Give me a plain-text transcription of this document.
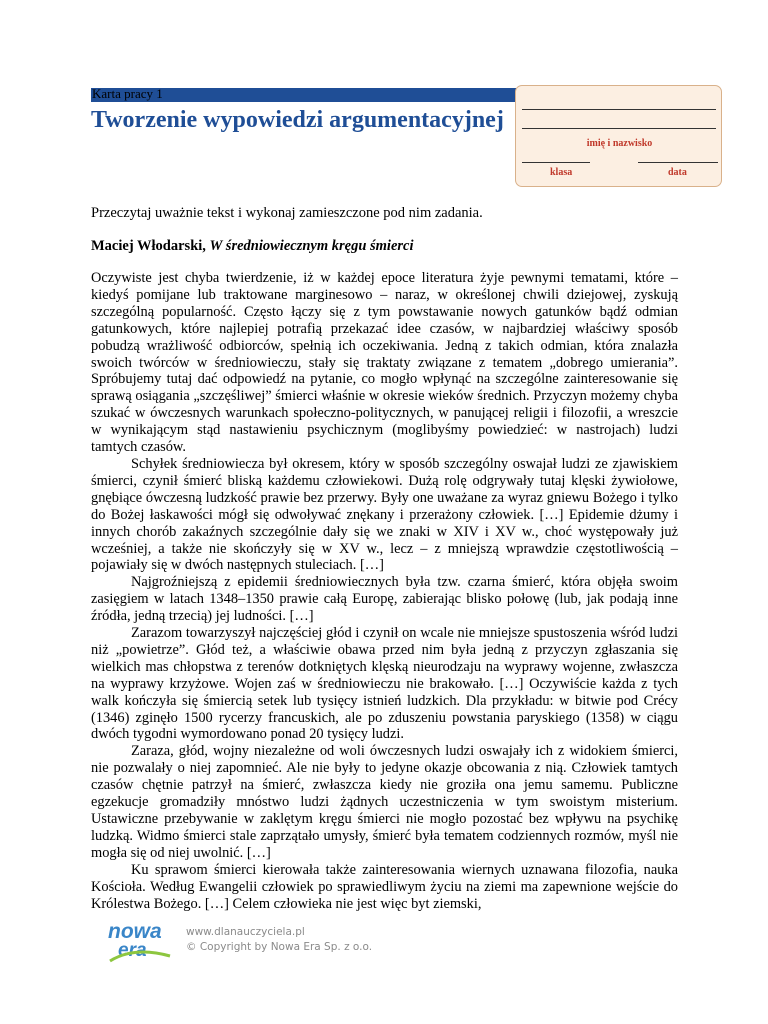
Karta pracy 1
Tworzenie wypowiedzi argumentacyjnej
imię i nazwisko
klasa	data
Przeczytaj uważnie tekst i wykonaj zamieszczone pod nim zadania.
Maciej Włodarski, W średniowiecznym kręgu śmierci

Oczywiste jest chyba twierdzenie, iż w każdej epoce literatura żyje pewnymi tematami, które – kiedyś pomijane lub traktowane marginesowo – naraz, w określonej chwili dziejowej, zyskują szczególną popularność. Często łączy się z tym powstawanie nowych gatunków bądź odmian gatunkowych, które najlepiej potrafią przekazać idee czasów, w najbardziej właściwy sposób pobudzą wrażliwość odbiorców, spełnią ich oczekiwania. Jedną z takich odmian, która znalazła swoich twórców w średniowieczu, stały się traktaty związane z tematem „dobrego umierania”. Spróbujemy tutaj dać odpowiedź na pytanie, co mogło wpłynąć na szczególne zainteresowanie się sprawą osiągania „szczęśliwej” śmierci właśnie w okresie wieków średnich. Przyczyn możemy chyba szukać w ówczesnych warunkach społeczno-politycznych, w panującej religii i filozofii, a wreszcie w wynikającym stąd nastawieniu psychicznym (moglibyśmy powiedzieć: w nastrojach) ludzi tamtych czasów.

Schyłek średniowiecza był okresem, który w sposób szczególny oswajał ludzi ze zjawiskiem śmierci, czynił śmierć bliską każdemu człowiekowi. Dużą rolę odgrywały tutaj klęski żywiołowe, gnębiące ówczesną ludzkość prawie bez przerwy. Były one uważane za wyraz gniewu Bożego i tylko do Bożej łaskawości mógł się odwoływać znękany i przerażony człowiek. […] Epidemie dżumy i innych chorób zakaźnych szczególnie dały się we znaki w XIV i XV w., choć występowały już wcześniej, a także nie skończyły się w XV w., lecz – z mniejszą wprawdzie częstotliwością – pojawiały się w dwóch następnych stuleciach. […]

Najgroźniejszą z epidemii średniowiecznych była tzw. czarna śmierć, która objęła swoim zasięgiem w latach 1348–1350 prawie całą Europę, zabierając blisko połowę (lub, jak podają inne źródła, jedną trzecią) jej ludności. […]

Zarazom towarzyszył najczęściej głód i czynił on wcale nie mniejsze spustoszenia wśród ludzi niż „powietrze”. Głód też, a właściwie obawa przed nim była jedną z przyczyn zgłaszania się wielkich mas chłopstwa z terenów dotkniętych klęską nieurodzaju na wyprawy wojenne, zwłaszcza na wyprawy krzyżowe. Wojen zaś w średniowieczu nie brakowało. […] Oczywiście każda z tych walk kończyła się śmiercią setek lub tysięcy istnień ludzkich. Dla przykładu: w bitwie pod Crécy (1346) zginęło 1500 rycerzy francuskich, ale po zduszeniu powstania paryskiego (1358) w ciągu dwóch tygodni wymordowano ponad 20 tysięcy ludzi.

Zaraza, głód, wojny niezależne od woli ówczesnych ludzi oswajały ich z widokiem śmierci, nie pozwalały o niej zapomnieć. Ale nie były to jedyne okazje obcowania z nią. Człowiek tamtych czasów chętnie patrzył na śmierć, zwłaszcza kiedy nie groziła ona jemu samemu. Publiczne egzekucje gromadziły mnóstwo ludzi żądnych uczestniczenia w tym swoistym misterium. Ustawiczne przebywanie w zaklętym kręgu śmierci nie mogło pozostać bez wpływu na psychikę ludzką. Widmo śmierci stale zaprzątało umysły, śmierć była tematem codziennych rozmów, myśl nie mogła się od niej uwolnić. […]

Ku sprawom śmierci kierowała także zainteresowania wiernych uznawana filozofia, nauka Kościoła. Według Ewangelii człowiek po sprawiedliwym życiu na ziemi ma zapewnione wejście do Królestwa Bożego. […] Celem człowieka nie jest więc byt ziemski,

nowa
era
www.dlanauczyciela.pl
© Copyright by Nowa Era Sp. z o.o.
